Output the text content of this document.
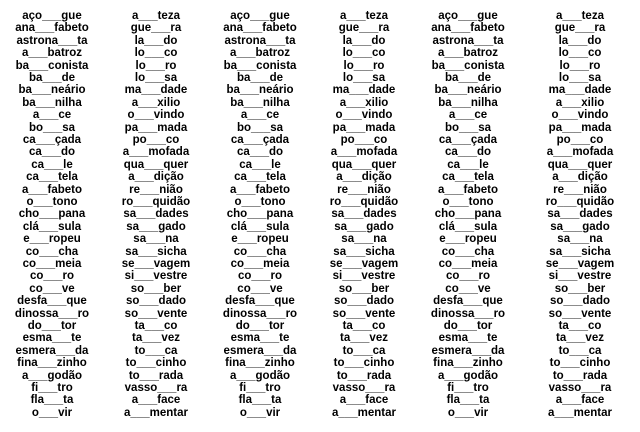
aço___gue
ana___fabeto
astrona___ta
a___batroz
ba___conista
ba___de
ba___neário
ba___nilha
a___ce
bo___sa
ca___çada
ca___do
ca___le
ca___tela
a___fabeto
o___tono
cho___pana
clá___sula
e___ropeu
co___cha
co___meia
co___ro
co___ve
desfa___que
dinossa___ro
do___tor
esma___te
esmera___da
fina___zinho
a___godão
fi___tro
fla___ta
o___vir
a___teza
gue___ra
la___do
lo___co
lo___ro
lo___sa
ma___dade
a___xilio
o___vindo
pa___mada
po___co
a___mofada
qua___quer
a___dição
re___nião
ro___quidão
sa___dades
sa___gado
sa___na
sa___sicha
se___vagem
si___vestre
so___ber
so___dado
so___vente
ta___co
ta___vez
to___ca
to___cinho
to___rada
vasso___ra
a___face
a___mentar
aço___gue
ana___fabeto
astrona___ta
a___batroz
ba___conista
ba___de
ba___neário
ba___nilha
a___ce
bo___sa
ca___çada
ca___do
ca___le
ca___tela
a___fabeto
o___tono
cho___pana
clá___sula
e___ropeu
co___cha
co___meia
co___ro
co___ve
desfa___que
dinossa___ro
do___tor
esma___te
esmera___da
fina___zinho
a___godão
fi___tro
fla___ta
o___vir
a___teza
gue___ra
la___do
lo___co
lo___ro
lo___sa
ma___dade
a___xilio
o___vindo
pa___mada
po___co
a___mofada
qua___quer
a___dição
re___nião
ro___quidão
sa___dades
sa___gado
sa___na
sa___sicha
se___vagem
si___vestre
so___ber
so___dado
so___vente
ta___co
ta___vez
to___ca
to___cinho
to___rada
vasso___ra
a___face
a___mentar
aço___gue
ana___fabeto
astrona___ta
a___batroz
ba___conista
ba___de
ba___neário
ba___nilha
a___ce
bo___sa
ca___çada
ca___do
ca___le
ca___tela
a___fabeto
o___tono
cho___pana
clá___sula
e___ropeu
co___cha
co___meia
co___ro
co___ve
desfa___que
dinossa___ro
do___tor
esma___te
esmera___da
fina___zinho
a___godão
fi___tro
fla___ta
o___vir
a___teza
gue___ra
la___do
lo___co
lo___ro
lo___sa
ma___dade
a___xilio
o___vindo
pa___mada
po___co
a___mofada
qua___quer
a___dição
re___nião
ro___quidão
sa___dades
sa___gado
sa___na
sa___sicha
se___vagem
si___vestre
so___ber
so___dado
so___vente
ta___co
ta___vez
to___ca
to___cinho
to___rada
vasso___ra
a___face
a___mentar
